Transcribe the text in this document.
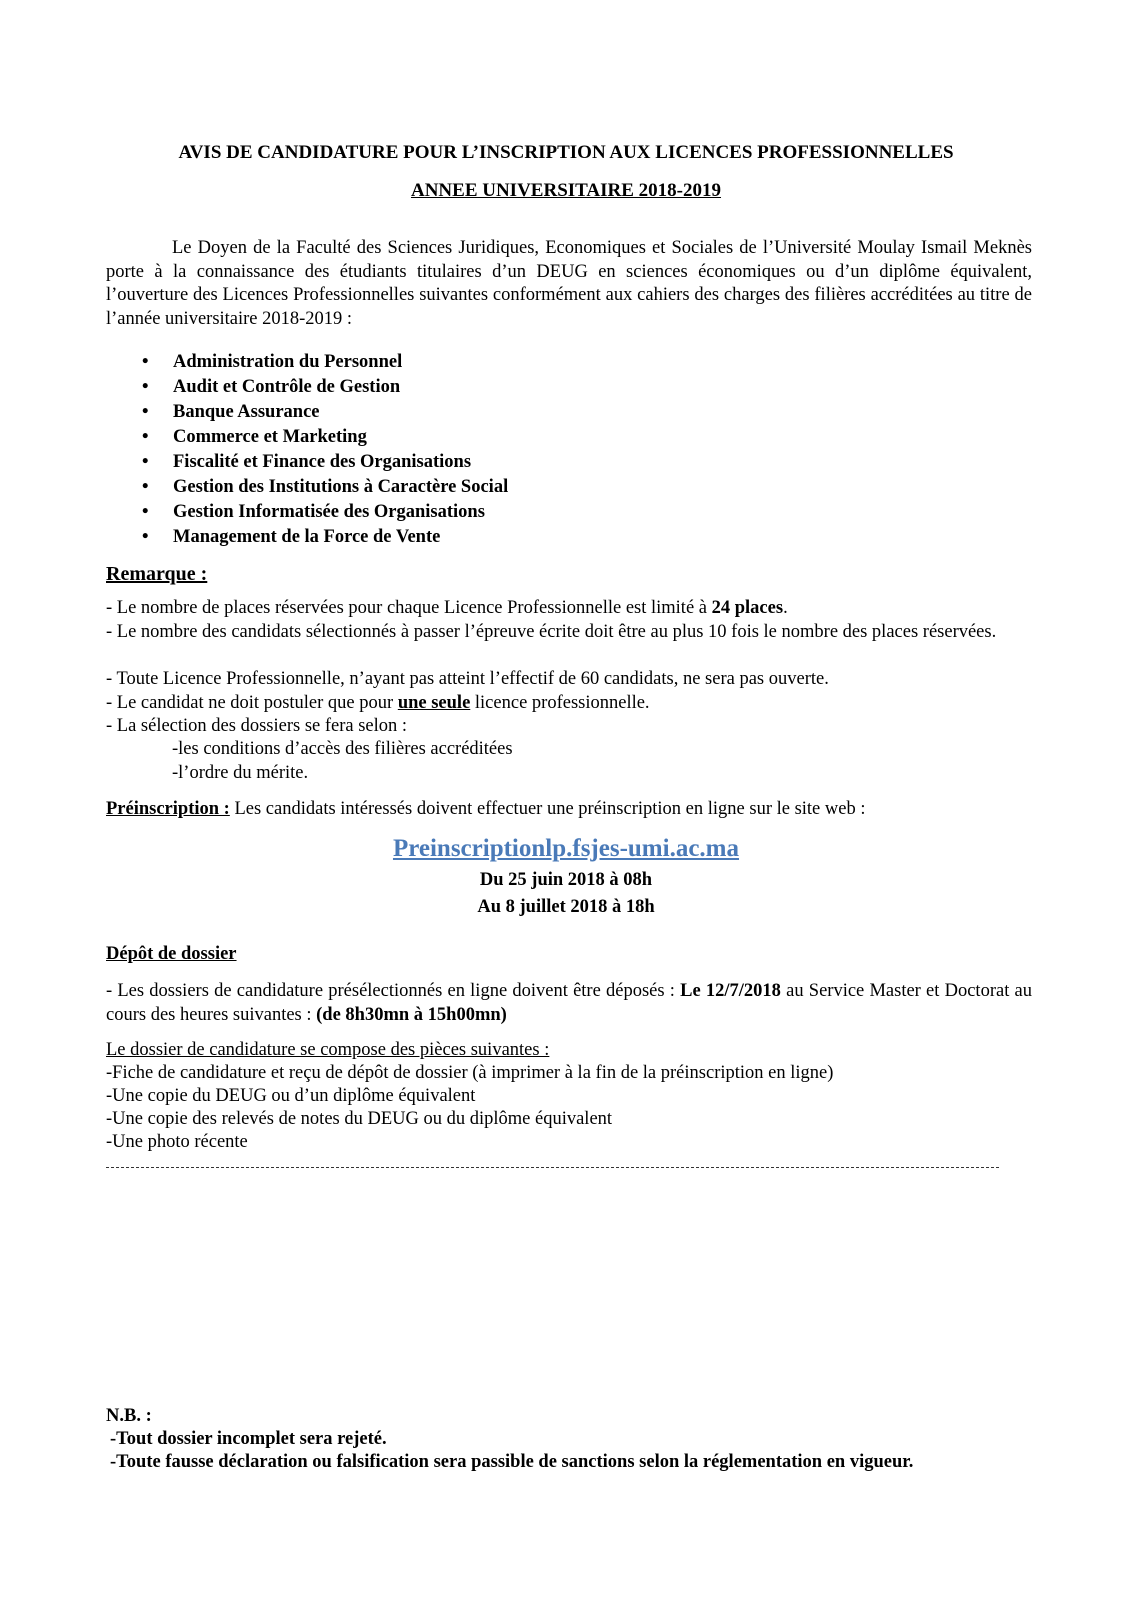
AVIS DE CANDIDATURE POUR L’INSCRIPTION AUX LICENCES PROFESSIONNELLES

ANNEE UNIVERSITAIRE 2018-2019

Le Doyen de la Faculté des Sciences Juridiques, Economiques et Sociales de l’Université Moulay Ismail Meknès porte à la connaissance des étudiants titulaires d’un DEUG en sciences économiques ou d’un diplôme équivalent, l’ouverture des Licences Professionnelles suivantes conformément aux cahiers des charges des filières accréditées au titre de l’année universitaire 2018-2019 :

• Administration du Personnel
• Audit et Contrôle de Gestion
• Banque Assurance
• Commerce et Marketing
• Fiscalité et Finance des Organisations
• Gestion des Institutions à Caractère Social
• Gestion Informatisée des Organisations
• Management de la Force de Vente

Remarque :

- Le nombre de places réservées pour chaque Licence Professionnelle est limité à 24 places.

- Le nombre des candidats sélectionnés à passer l’épreuve écrite doit être au plus 10 fois le nombre des places réservées.

- Toute Licence Professionnelle, n’ayant pas atteint l’effectif de 60 candidats, ne sera pas ouverte.

- Le candidat ne doit postuler que pour une seule licence professionnelle.

- La sélection des dossiers se fera selon :

-les conditions d’accès des filières accréditées

-l’ordre du mérite.

Préinscription : Les candidats intéressés doivent effectuer une préinscription en ligne sur le site web :

Preinscriptionlp.fsjes-umi.ac.ma

Du 25 juin 2018 à 08h

Au 8 juillet 2018 à 18h

Dépôt de dossier

- Les dossiers de candidature présélectionnés en ligne doivent être déposés : Le 12/7/2018 au Service Master et Doctorat au cours des heures suivantes : (de 8h30mn à 15h00mn)

Le dossier de candidature se compose des pièces suivantes :

-Fiche de candidature et reçu de dépôt de dossier (à imprimer à la fin de la préinscription en ligne)

-Une copie du DEUG ou d’un diplôme équivalent

-Une copie des relevés de notes du DEUG ou du diplôme équivalent

-Une photo récente

N.B. :

-Tout dossier incomplet sera rejeté.

-Toute fausse déclaration ou falsification sera passible de sanctions selon la réglementation en vigueur.
